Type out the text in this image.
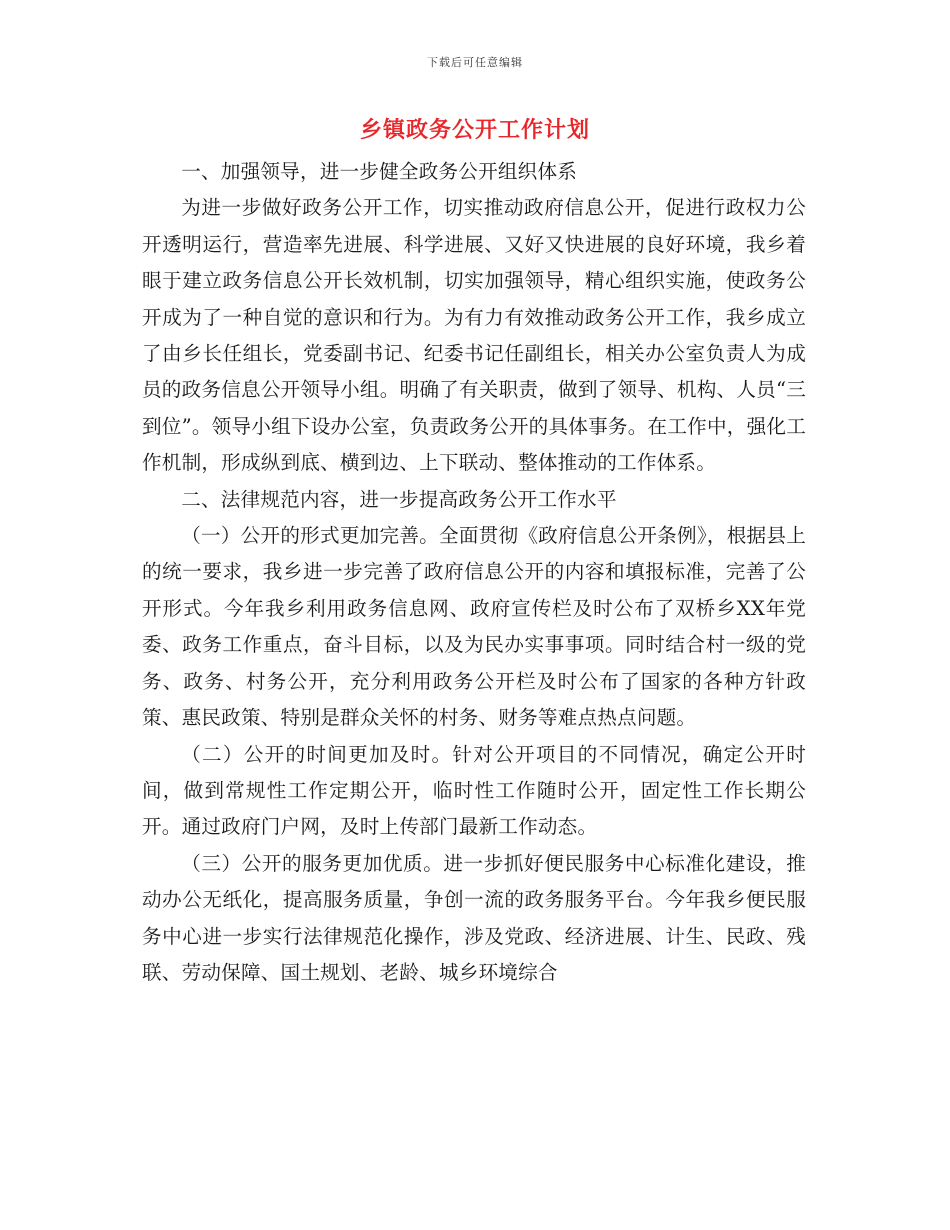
下载后可任意编辑
乡镇政务公开工作计划

一、加强领导，进一步健全政务公开组织体系

为进一步做好政务公开工作，切实推动政府信息公开，促进行政权力公开透明运行，营造率先进展、科学进展、又好又快进展的良好环境，我乡着眼于建立政务信息公开长效机制，切实加强领导，精心组织实施，使政务公开成为了一种自觉的意识和行为。为有力有效推动政务公开工作，我乡成立了由乡长任组长，党委副书记、纪委书记任副组长，相关办公室负责人为成员的政务信息公开领导小组。明确了有关职责，做到了领导、机构、人员“三到位”。领导小组下设办公室，负责政务公开的具体事务。在工作中，强化工作机制，形成纵到底、横到边、上下联动、整体推动的工作体系。

二、法律规范内容，进一步提高政务公开工作水平

（一）公开的形式更加完善。全面贯彻《政府信息公开条例》，根据县上的统一要求，我乡进一步完善了政府信息公开的内容和填报标准，完善了公开形式。今年我乡利用政务信息网、政府宣传栏及时公布了双桥乡XX年党委、政务工作重点，奋斗目标，以及为民办实事事项。同时结合村一级的党务、政务、村务公开，充分利用政务公开栏及时公布了国家的各种方针政策、惠民政策、特别是群众关怀的村务、财务等难点热点问题。

（二）公开的时间更加及时。针对公开项目的不同情况，确定公开时间，做到常规性工作定期公开，临时性工作随时公开，固定性工作长期公开。通过政府门户网，及时上传部门最新工作动态。

（三）公开的服务更加优质。进一步抓好便民服务中心标准化建设，推动办公无纸化，提高服务质量，争创一流的政务服务平台。今年我乡便民服务中心进一步实行法律规范化操作，涉及党政、经济进展、计生、民政、残联、劳动保障、国土规划、老龄、城乡环境综合
